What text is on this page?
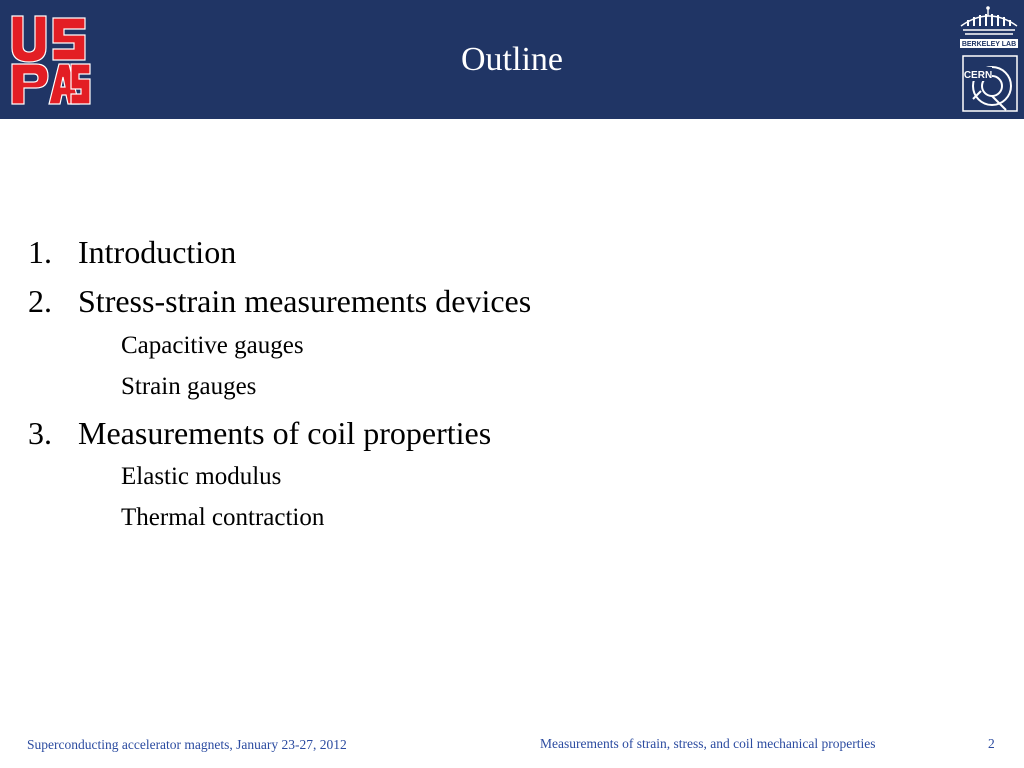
Outline	BERKELEY LAB
CERN
1. Introduction
2. Stress-strain measurements devices
Capacitive gauges
Strain gauges
3. Measurements of coil properties
Elastic modulus
Thermal contraction
Superconducting accelerator magnets, January 23-27, 2012	Measurements of strain, stress, and coil mechanical properties	2
